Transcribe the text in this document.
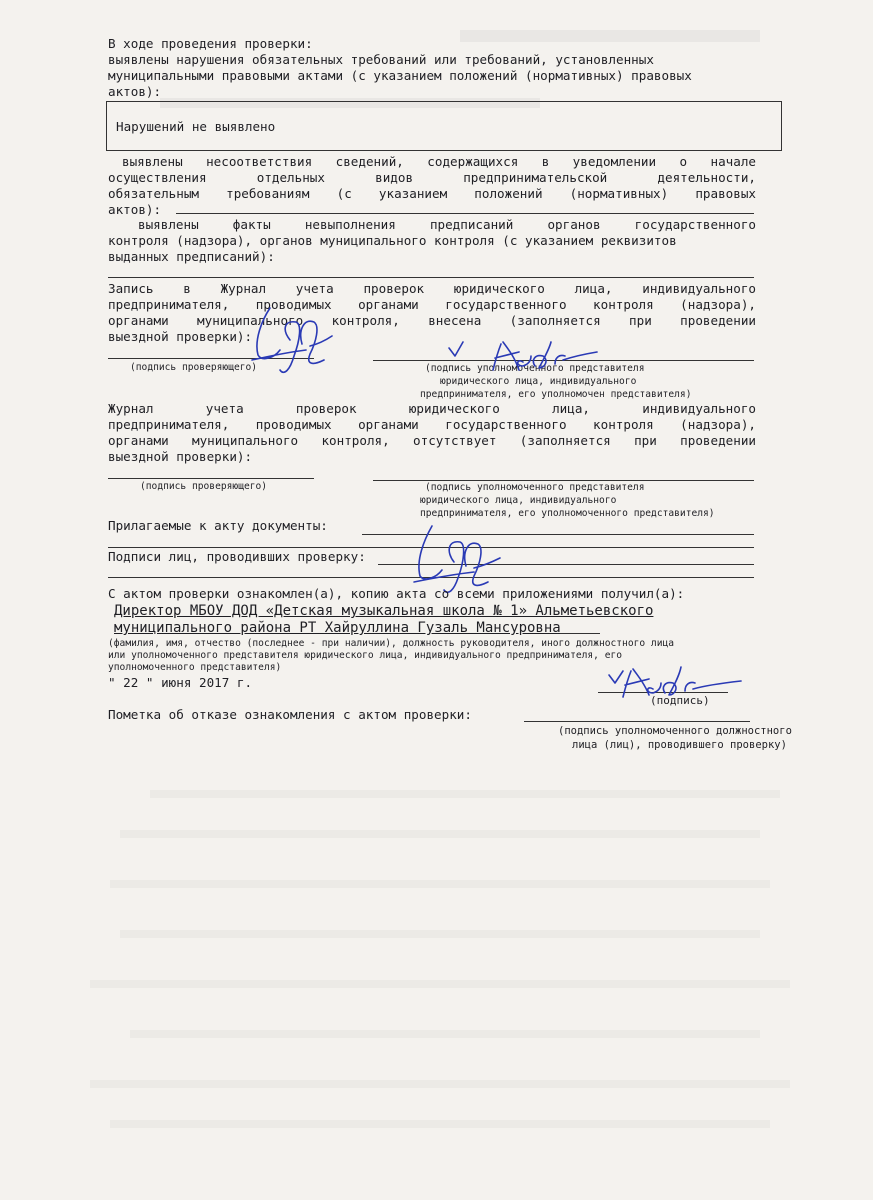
В ходе проведения проверки:
выявлены нарушения обязательных требований или требований, установленных
муниципальными правовыми актами (с указанием положений (нормативных) правовых
актов):
Нарушений не выявлено
выявлены несоответствия сведений, содержащихся в уведомлении о начале
осуществления отдельных видов предпринимательской деятельности,
обязательным требованиям (с указанием положений (нормативных) правовых
актов):
выявлены факты невыполнения предписаний органов государственного
контроля (надзора), органов муниципального контроля (с указанием реквизитов
выданных предписаний):
Запись в Журнал учета проверок юридического лица, индивидуального
предпринимателя, проводимых органами государственного контроля (надзора),
органами муниципального контроля, внесена (заполняется при проведении
выездной проверки):
(подпись проверяющего)	(подпись уполномоченного представителя
юридического лица, индивидуального
предпринимателя, его уполномочен представителя)
Журнал учета проверок юридического лица, индивидуального
предпринимателя, проводимых органами государственного контроля (надзора),
органами муниципального контроля, отсутствует (заполняется при проведении
выездной проверки):
(подпись проверяющего)	(подпись уполномоченного представителя
юридического лица, индивидуального
предпринимателя, его уполномоченного представителя)
Прилагаемые к акту документы:
Подписи лиц, проводивших проверку:
С актом проверки ознакомлен(а), копию акта со всеми приложениями получил(а):
Директор МБОУ ДОД «Детская музыкальная школа № 1» Альметьевского
муниципального района РТ Хайруллина Гузаль Мансуровна
(фамилия, имя, отчество (последнее - при наличии), должность руководителя, иного должностного лица
или уполномоченного представителя юридического лица, индивидуального предпринимателя, его
уполномоченного представителя)
" 22 " июня 2017 г.
(подпись)
Пометка об отказе ознакомления с актом проверки:
(подпись уполномоченного должностного
лица (лиц), проводившего проверку)
